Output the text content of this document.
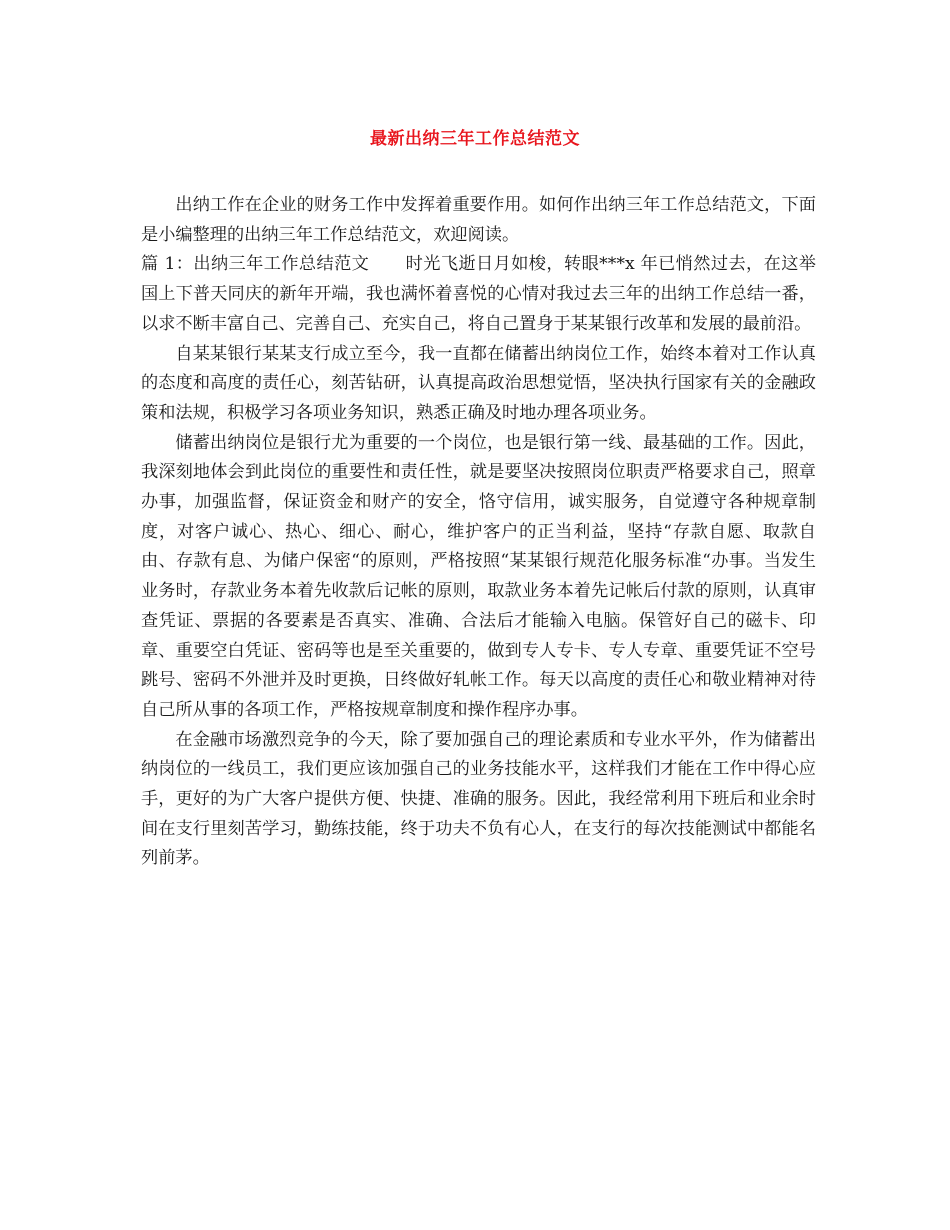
最新出纳三年工作总结范文

出纳工作在企业的财务工作中发挥着重要作用。如何作出纳三年工作总结范文，下面是小编整理的出纳三年工作总结范文，欢迎阅读。

篇 1：出纳三年工作总结范文 时光飞逝日月如梭，转眼***x 年已悄然过去，在这举国上下普天同庆的新年开端，我也满怀着喜悦的心情对我过去三年的出纳工作总结一番，以求不断丰富自己、完善自己、充实自己，将自己置身于某某银行改革和发展的最前沿。

自某某银行某某支行成立至今，我一直都在储蓄出纳岗位工作，始终本着对工作认真的态度和高度的责任心，刻苦钻研，认真提高政治思想觉悟，坚决执行国家有关的金融政策和法规，积极学习各项业务知识，熟悉正确及时地办理各项业务。

储蓄出纳岗位是银行尤为重要的一个岗位，也是银行第一线、最基础的工作。因此，我深刻地体会到此岗位的重要性和责任性，就是要坚决按照岗位职责严格要求自己，照章办事，加强监督，保证资金和财产的安全，恪守信用，诚实服务，自觉遵守各种规章制度，对客户诚心、热心、细心、耐心，维护客户的正当利益，坚持“存款自愿、取款自由、存款有息、为储户保密“的原则，严格按照“某某银行规范化服务标准“办事。当发生业务时，存款业务本着先收款后记帐的原则，取款业务本着先记帐后付款的原则，认真审查凭证、票据的各要素是否真实、准确、合法后才能输入电脑。保管好自己的磁卡、印章、重要空白凭证、密码等也是至关重要的，做到专人专卡、专人专章、重要凭证不空号跳号、密码不外泄并及时更换，日终做好轧帐工作。每天以高度的责任心和敬业精神对待自己所从事的各项工作，严格按规章制度和操作程序办事。

在金融市场激烈竞争的今天，除了要加强自己的理论素质和专业水平外，作为储蓄出纳岗位的一线员工，我们更应该加强自己的业务技能水平，这样我们才能在工作中得心应手，更好的为广大客户提供方便、快捷、准确的服务。因此，我经常利用下班后和业余时间在支行里刻苦学习，勤练技能，终于功夫不负有心人，在支行的每次技能测试中都能名列前茅。
